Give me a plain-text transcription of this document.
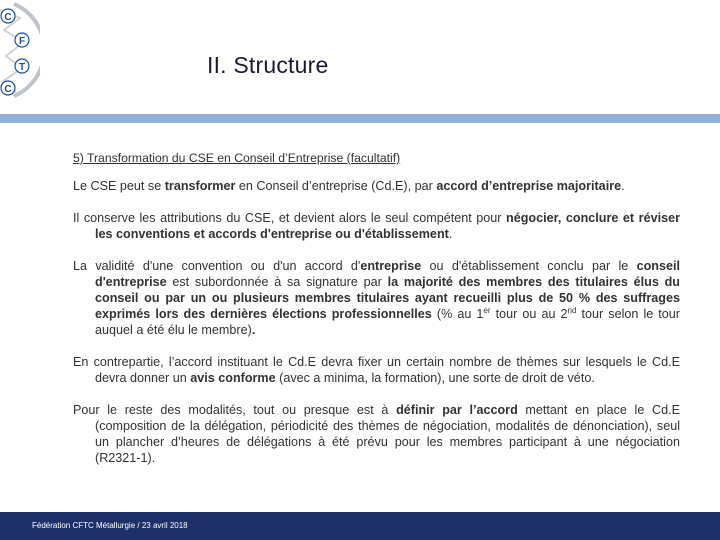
C
F
T
C
II. Structure

5) Transformation du CSE en Conseil d’Entreprise (facultatif)

Le CSE peut se transformer en Conseil d’entreprise (Cd.E), par accord d’entreprise majoritaire.

Il conserve les attributions du CSE, et devient alors le seul compétent pour négocier, conclure et réviser les conventions et accords d'entreprise ou d'établissement.

La validité d'une convention ou d'un accord d'entreprise ou d'établissement conclu par le conseil d'entreprise est subordonnée à sa signature par la majorité des membres des titulaires élus du conseil ou par un ou plusieurs membres titulaires ayant recueilli plus de 50 % des suffrages exprimés lors des dernières élections professionnelles (% au 1er tour ou au 2nd tour selon le tour auquel a été élu le membre).

En contrepartie, l’accord instituant le Cd.E devra fixer un certain nombre de thèmes sur lesquels le Cd.E devra donner un avis conforme (avec a minima, la formation), une sorte de droit de véto.

Pour le reste des modalités, tout ou presque est à définir par l’accord mettant en place le Cd.E (composition de la délégation, périodicité des thèmes de négociation, modalités de dénonciation), seul un plancher d’heures de délégations à été prévu pour les membres participant à une négociation (R2321-1).

Fédération CFTC Métallurgie / 23 avril 2018
